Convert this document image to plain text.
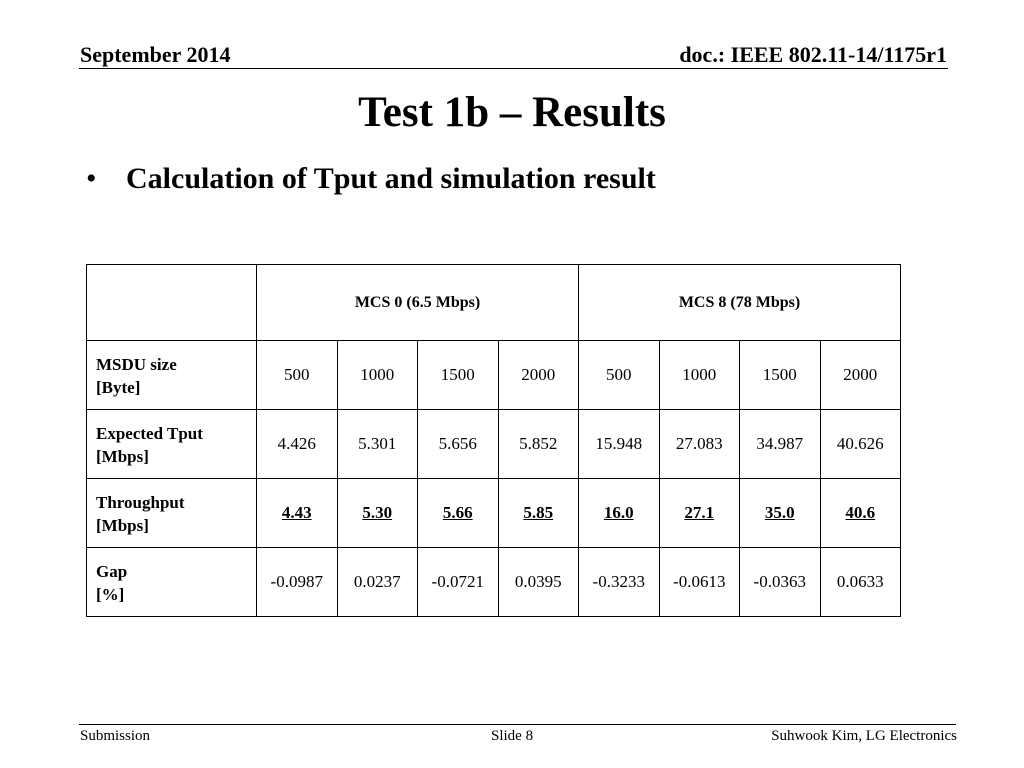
September 2014	doc.: IEEE 802.11-14/1175r1
Test 1b – Results
• Calculation of Tput and simulation result
	MCS 0 (6.5 Mbps)				MCS 8 (78 Mbps)			
MSDU size
[Byte]	500	1000	1500	2000	500	1000	1500	2000
Expected Tput
[Mbps]	4.426	5.301	5.656	5.852	15.948	27.083	34.987	40.626
Throughput
[Mbps]	4.43	5.30	5.66	5.85	16.0	27.1	35.0	40.6
Gap
[%]	-0.0987	0.0237	-0.0721	0.0395	-0.3233	-0.0613	-0.0363	0.0633
Submission	Slide 8	Suhwook Kim, LG Electronics
